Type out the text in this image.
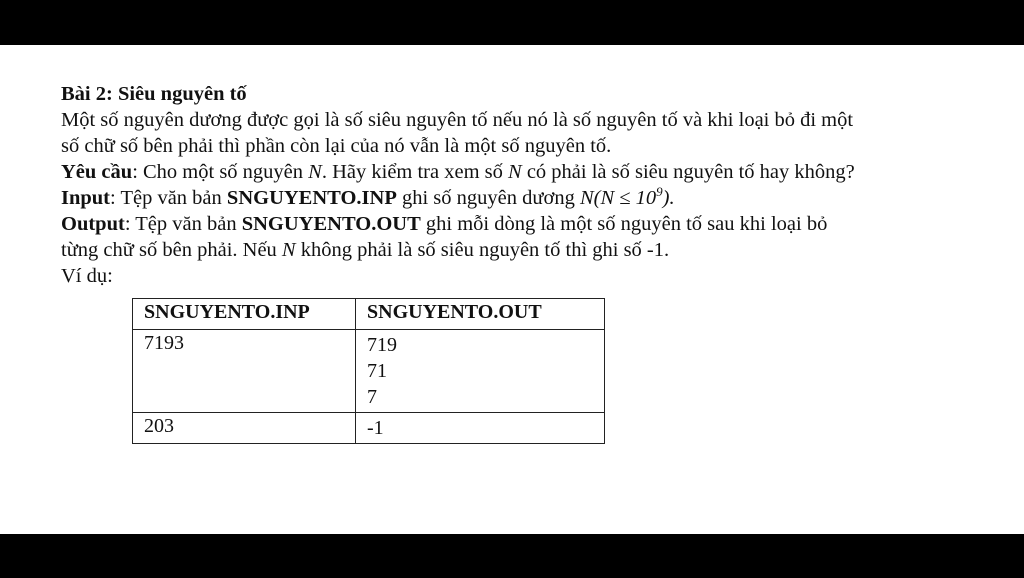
Bài 2: Siêu nguyên tố
Một số nguyên dương được gọi là số siêu nguyên tố nếu nó là số nguyên tố và khi loại bỏ đi một
số chữ số bên phải thì phần còn lại của nó vẫn là một số nguyên tố.
Yêu cầu: Cho một số nguyên N. Hãy kiểm tra xem số N có phải là số siêu nguyên tố hay không?
Input: Tệp văn bản SNGUYENTO.INP ghi số nguyên dương $N(N \le 10^9)$.
Output: Tệp văn bản SNGUYENTO.OUT ghi mỗi dòng là một số nguyên tố sau khi loại bỏ
từng chữ số bên phải. Nếu N không phải là số siêu nguyên tố thì ghi số -1.
Ví dụ:
SNGUYENTO.INP	SNGUYENTO.OUT
7193	719
71
7

203	-1
